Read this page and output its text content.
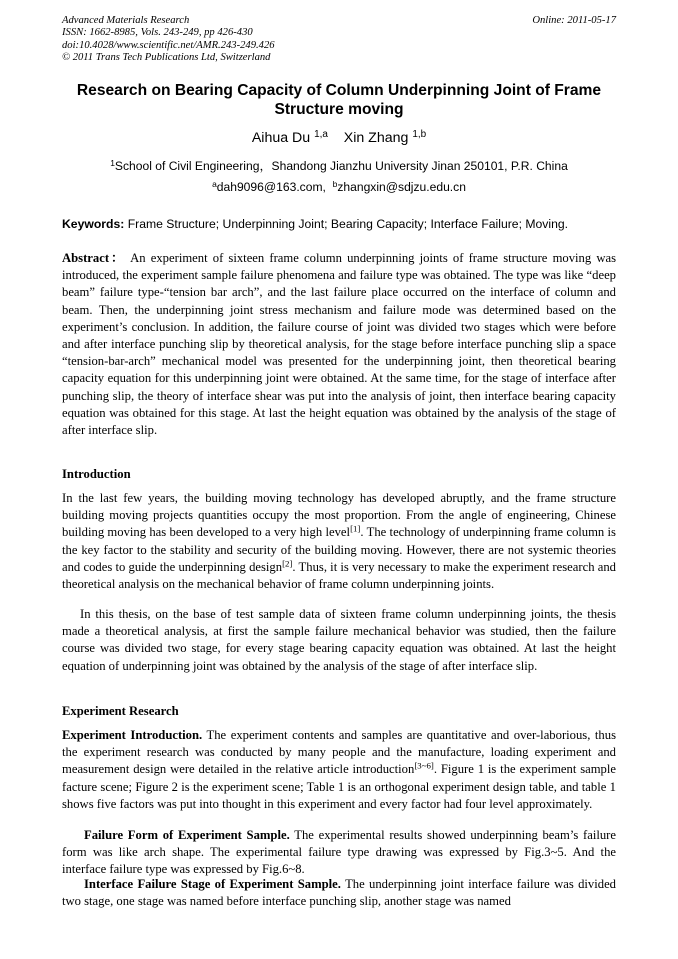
Advanced Materials Research
ISSN: 1662-8985, Vols. 243-249, pp 426-430
doi:10.4028/www.scientific.net/AMR.243-249.426
© 2011 Trans Tech Publications Ltd, Switzerland
Online: 2011-05-17
Research on Bearing Capacity of Column Underpinning Joint of Frame
Structure moving
Aihua Du $^{1,a}$ Xin Zhang $^{1,b}$
$^1$School of Civil Engineering，Shandong Jianzhu University Jinan 250101, P.R. China
$^a$dah9096@163.com, $^b$zhangxin@sdjzu.edu.cn
Keywords: Frame Structure; Underpinning Joint; Bearing Capacity; Interface Failure; Moving.
Abstract： An experiment of sixteen frame column underpinning joints of frame structure moving was introduced, the experiment sample failure phenomena and failure type was obtained. The type was like “deep beam” failure type-“tension bar arch”, and the last failure place occurred on the interface of column and beam. Then, the underpinning joint stress mechanism and failure mode was determined based on the experiment’s conclusion. In addition, the failure course of joint was divided two stages which were before and after interface punching slip by theoretical analysis, for the stage before interface punching slip a space “tension-bar-arch” mechanical model was presented for the underpinning joint, then theoretical bearing capacity equation for this underpinning joint were obtained. At the same time, for the stage of interface after punching slip, the theory of interface shear was put into the analysis of joint, then interface bearing capacity equation was obtained for this stage. At last the height equation was obtained by the analysis of the stage of after interface slip.
Introduction
In the last few years, the building moving technology has developed abruptly, and the frame structure building moving projects quantities occupy the most proportion. From the angle of engineering, Chinese building moving has been developed to a very high level[1]. The technology of underpinning frame column is the key factor to the stability and security of the building moving. However, there are not systemic theories and codes to guide the underpinning design[2]. Thus, it is very necessary to make the experiment research and theoretical analysis on the mechanical behavior of frame column underpinning joints.
In this thesis, on the base of test sample data of sixteen frame column underpinning joints, the thesis made a theoretical analysis, at first the sample failure mechanical behavior was studied, then the failure course was divided two stage, for every stage bearing capacity equation was obtained. At last the height equation of underpinning joint was obtained by the analysis of the stage of after interface slip.
Experiment Research
Experiment Introduction. The experiment contents and samples are quantitative and over-laborious, thus the experiment research was conducted by many people and the manufacture, loading experiment and measurement design were detailed in the relative article introduction[3~6]. Figure 1 is the experiment sample facture scene; Figure 2 is the experiment scene; Table 1 is an orthogonal experiment design table, and table 1 shows five factors was put into thought in this experiment and every factor had four level approximately.
Failure Form of Experiment Sample. The experimental results showed underpinning beam’s failure form was like arch shape. The experimental failure type drawing was expressed by Fig.3~5. And the interface failure type was expressed by Fig.6~8.
Interface Failure Stage of Experiment Sample. The underpinning joint interface failure was divided two stage, one stage was named before interface punching slip, another stage was named
